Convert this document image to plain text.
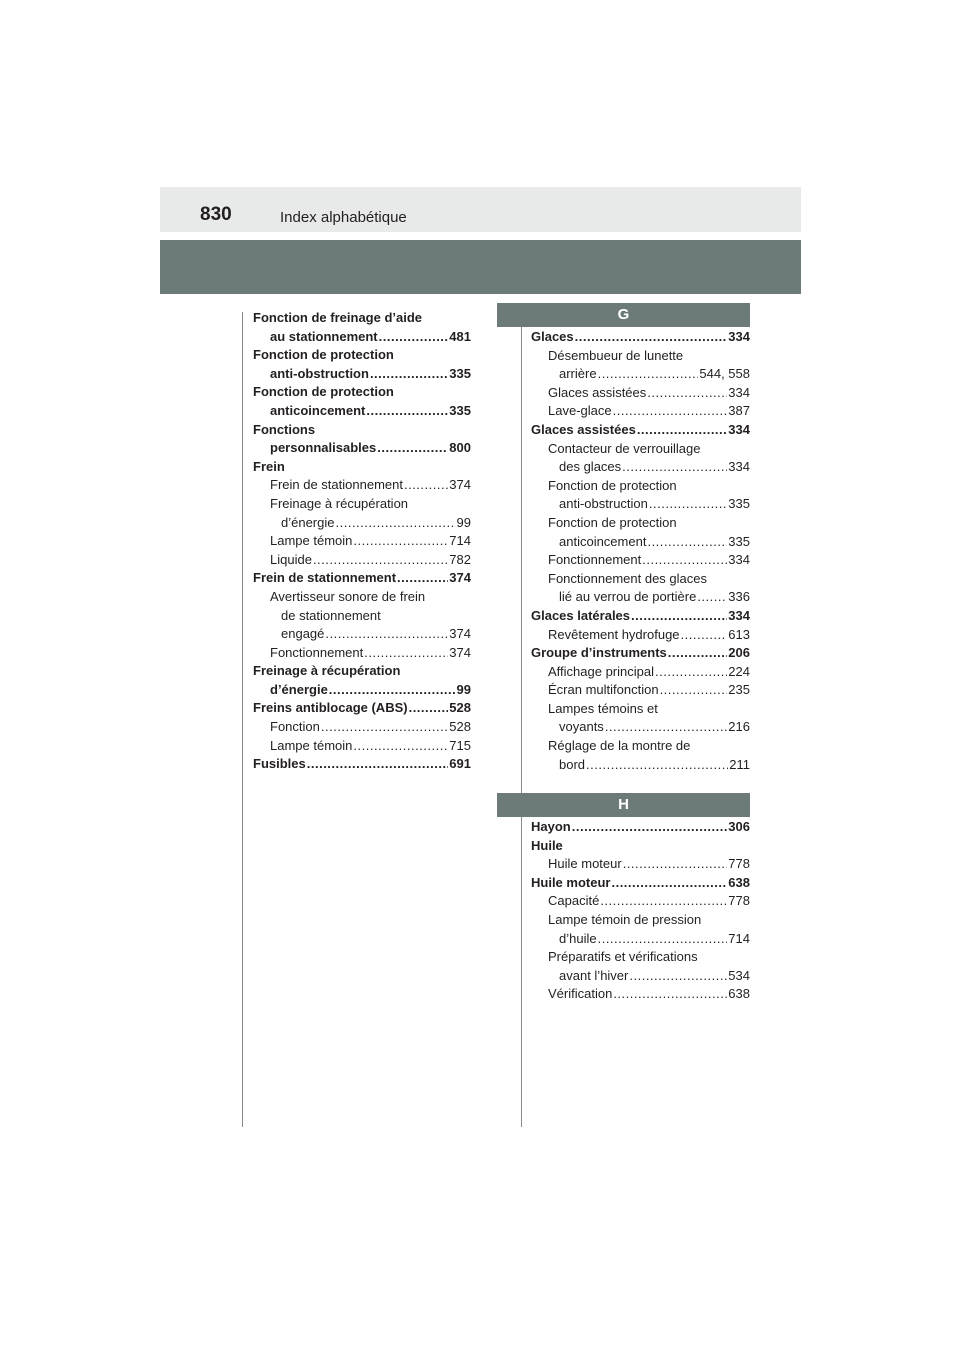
830	Index alphabétique
Fonction de freinage d’aide
au stationnement .....	481
Fonction de protection
anti-obstruction .....	335
Fonction de protection
anticoincement .....	335
Fonctions
personnalisables .....	800
Frein
Frein de stationnement .....	374
Freinage à récupération
d’énergie .....	99
Lampe témoin .....	714
Liquide .....	782
Frein de stationnement .....	374
Avertisseur sonore de frein
de stationnement
engagé .....	374
Fonctionnement .....	374
Freinage à récupération
d’énergie .....	99
Freins antiblocage (ABS) .....	528
Fonction .....	528
Lampe témoin .....	715
Fusibles .....	691
G
Glaces .....	334
Désembueur de lunette
arrière .....	544, 558
Glaces assistées .....	334
Lave-glace .....	387
Glaces assistées .....	334
Contacteur de verrouillage
des glaces .....	334
Fonction de protection
anti-obstruction .....	335
Fonction de protection
anticoincement .....	335
Fonctionnement .....	334
Fonctionnement des glaces
lié au verrou de portière ..... 336
Glaces latérales .....	334
Revêtement hydrofuge .....	613
Groupe d’instruments .....	206
Affichage principal .....	224
Écran multifonction .....	235
Lampes témoins et
voyants .....	216
Réglage de la montre de
bord .....	211
H
Hayon .....	306
Huile
Huile moteur .....	778
Huile moteur .....	638
Capacité .....	778
Lampe témoin de pression
d’huile .....	714
Préparatifs et vérifications
avant l’hiver .....	534
Vérification .....	638
